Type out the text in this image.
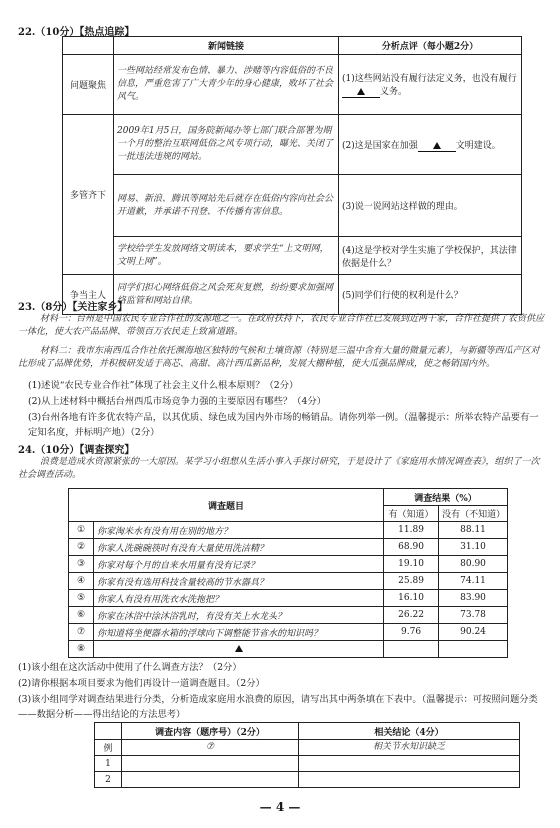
22.（10分）【热点追踪】
	新闻链接	分析点评（每小题2分）
问题聚焦	一些网站经常发布色情、暴力、涉赌等内容低俗的不良信息，严重危害了广大青少年的身心健康，败坏了社会风气。	(1)这些网站没有履行法定义务，也没有履行义务。
多管齐下	2009年1月5日，国务院新闻办等七部门联合部署为期一个月的整治互联网低俗之风专项行动，曝光、关闭了一批违法违规的网站。	(2)这是国家在加强 文明建设。
	网易、新浪、腾讯等网站先后就存在低俗内容向社会公开道歉，并承诺不刊登、不传播有害信息。	(3)说一说网站这样做的理由。
	学校给学生发放网络文明读本，要求学生“上文明网，文明上网”。	(4)这是学校对学生实施了学校保护，其法律依据是什么？
争当主人	同学们担心网络低俗之风会死灰复燃，纷纷要求加强网络监管和网站自律。	(5)同学们行使的权利是什么？
23.（8分）【关注家乡】
材料一：台州是中国农民专业合作社的发源地之一。在政府扶持下，农民专业合作社已发展到近两千家，合作社提供了农资供应一体化，使大农产品品牌、带领百万农民走上致富道路。
材料二：我市东南西瓜合作社依托濒海地区独特的气候和土壤资源（特别是三温中含有大量的微量元素），与新疆等西瓜产区对比形成了品牌优势，并积极研发适于高芯、高甜、高汁西瓜新品种，发展大棚种植，使大瓜强品牌成，使之畅销国内外。
(1)述说“农民专业合作社”体现了社会主义什么根本原则？（2分）
(2)从上述材料中概括台州西瓜市场竞争力强的主要原因有哪些？（4分）
(3)台州各地有许多优农特产品，以其优质、绿色成为国内外市场的畅销品。请你列举一例。（温馨提示：所举农特产品要有一定知名度，并标明产地）（2分）
24.（10分）【调查探究】
浪费是造成水资源紧张的一大原因。某学习小组想从生活小事入手探讨研究，于是设计了《家庭用水情况调查表》，组织了一次社会调查活动。
调查题目		调查结果（%）	
		有（知道）	没有（不知道）
①	你家淘米水有没有用在别的地方？	11.89	88.11
②	你家人洗碗碗筷时有没有大量使用洗洁精？	68.90	31.10
③	你家对每个月的自来水用量有没有记录？	19.10	80.90
④	你家有没有选用科技含量较高的节水器具？	25.89	74.11
⑤	你家人有没有用洗衣水洗拖把？	16.10	83.90
⑥	你家在沐浴中涂沐浴乳时，有没有关上水龙头？	26.22	73.78
⑦	你知道将坐便器水箱的浮球向下调整能节省水的知识吗？	9.76	90.24
⑧			
(1)该小组在这次活动中使用了什么调查方法？（2分）
(2)请你根据本项目要求为他们再设计一道调查题目。（2分）
(3)该小组同学对调查结果进行分类，分析造成家庭用水浪费的原因，请写出其中两条填在下表中。（温馨提示：可按照问题分类——数据分析——得出结论的方法思考）
	调查内容（题序号）（2分）	相关结论（4分）
例	⑦	相关节水知识缺乏
1		
2		
— 4 —
